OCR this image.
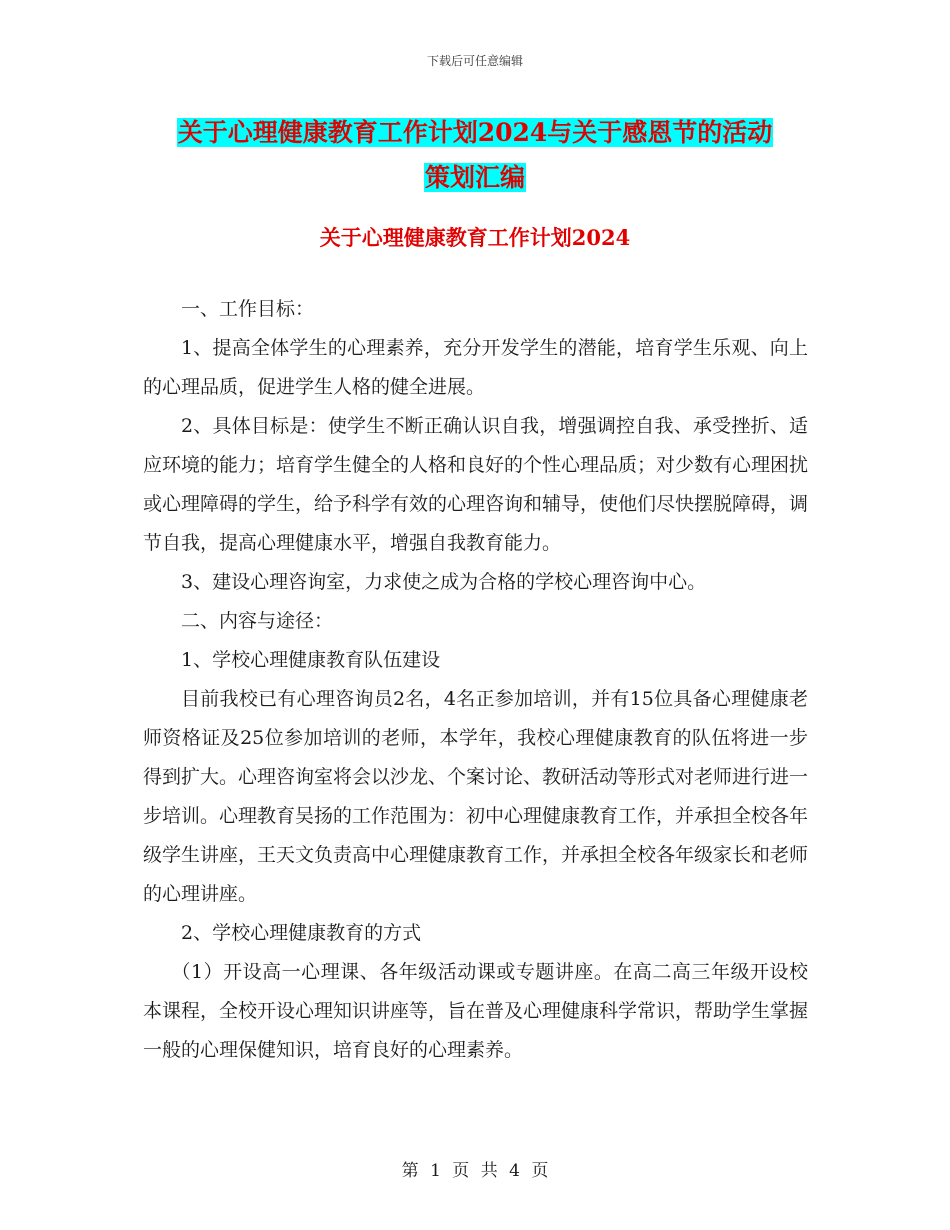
下载后可任意编辑
关于心理健康教育工作计划2024与关于感恩节的活动
策划汇编
关于心理健康教育工作计划2024

一、工作目标：

1、提高全体学生的心理素养，充分开发学生的潜能，培育学生乐观、向上的心理品质，促进学生人格的健全进展。

2、具体目标是：使学生不断正确认识自我，增强调控自我、承受挫折、适应环境的能力；培育学生健全的人格和良好的个性心理品质；对少数有心理困扰或心理障碍的学生，给予科学有效的心理咨询和辅导，使他们尽快摆脱障碍，调节自我，提高心理健康水平，增强自我教育能力。

3、建设心理咨询室，力求使之成为合格的学校心理咨询中心。

二、内容与途径：

1、学校心理健康教育队伍建设

目前我校已有心理咨询员2名，4名正参加培训，并有15位具备心理健康老师资格证及25位参加培训的老师，本学年，我校心理健康教育的队伍将进一步得到扩大。心理咨询室将会以沙龙、个案讨论、教研活动等形式对老师进行进一步培训。心理教育吴扬的工作范围为：初中心理健康教育工作，并承担全校各年级学生讲座，王天文负责高中心理健康教育工作，并承担全校各年级家长和老师的心理讲座。

2、学校心理健康教育的方式

（1）开设高一心理课、各年级活动课或专题讲座。在高二高三年级开设校本课程，全校开设心理知识讲座等，旨在普及心理健康科学常识，帮助学生掌握一般的心理保健知识，培育良好的心理素养。

第 1 页 共 4 页
